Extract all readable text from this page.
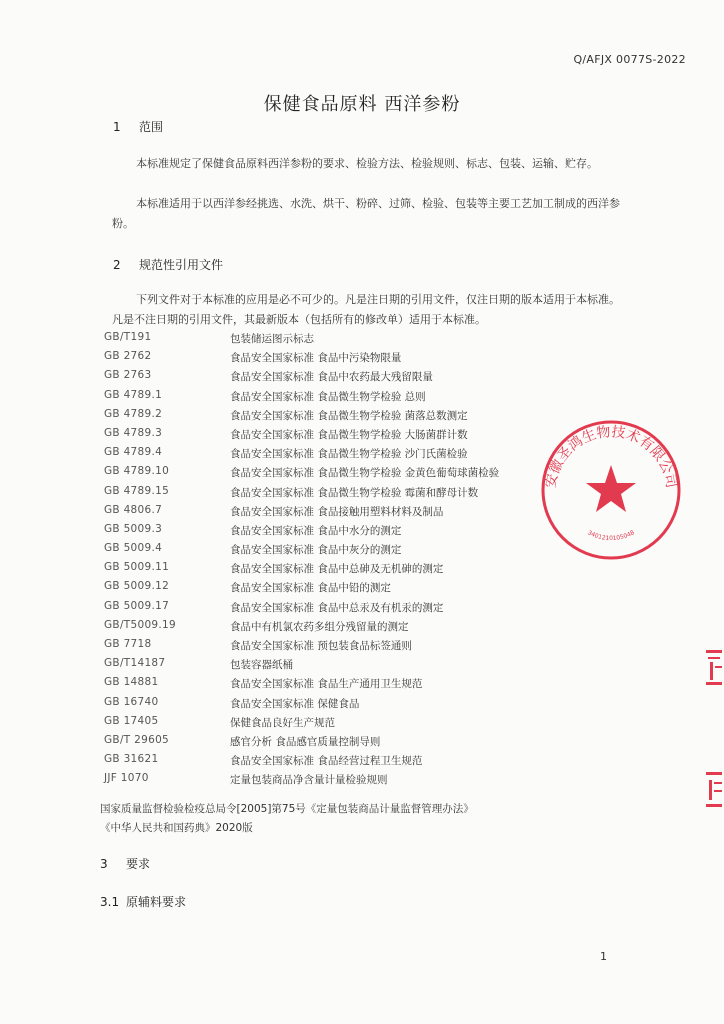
Q/AFJX 0077S-2022
保健食品原料 西洋参粉
1 范围
本标准规定了保健食品原料西洋参粉的要求、检验方法、检验规则、标志、包装、运输、贮存。
本标准适用于以西洋参经挑选、水洗、烘干、粉碎、过筛、检验、包装等主要工艺加工制成的西洋参粉。
2 规范性引用文件
下列文件对于本标准的应用是必不可少的。凡是注日期的引用文件，仅注日期的版本适用于本标准。凡是不注日期的引用文件，其最新版本（包括所有的修改单）适用于本标准。
GB/T191	包装储运图示标志
GB 2762	食品安全国家标准 食品中污染物限量
GB 2763	食品安全国家标准 食品中农药最大残留限量
GB 4789.1	食品安全国家标准 食品微生物学检验 总则
GB 4789.2	食品安全国家标准 食品微生物学检验 菌落总数测定
GB 4789.3	食品安全国家标准 食品微生物学检验 大肠菌群计数
GB 4789.4	食品安全国家标准 食品微生物学检验 沙门氏菌检验
GB 4789.10	食品安全国家标准 食品微生物学检验 金黄色葡萄球菌检验
GB 4789.15	食品安全国家标准 食品微生物学检验 霉菌和酵母计数
GB 4806.7	食品安全国家标准 食品接触用塑料材料及制品
GB 5009.3	食品安全国家标准 食品中水分的测定
GB 5009.4	食品安全国家标准 食品中灰分的测定
GB 5009.11	食品安全国家标准 食品中总砷及无机砷的测定
GB 5009.12	食品安全国家标准 食品中铅的测定
GB 5009.17	食品安全国家标准 食品中总汞及有机汞的测定
GB/T5009.19	食品中有机氯农药多组分残留量的测定
GB 7718	食品安全国家标准 预包装食品标签通则
GB/T14187	包装容器纸桶
GB 14881	食品安全国家标准 食品生产通用卫生规范
GB 16740	食品安全国家标准 保健食品
GB 17405	保健食品良好生产规范
GB/T 29605	感官分析 食品感官质量控制导则
GB 31621	食品安全国家标准 食品经营过程卫生规范
JJF 1070	定量包装商品净含量计量检验规则
国家质量监督检验检疫总局令[2005]第75号《定量包装商品计量监督管理办法》
《中华人民共和国药典》2020版
3 要求
3.1 原辅料要求
1
安徽圣鸿生物技术有限公司
3401210105048
